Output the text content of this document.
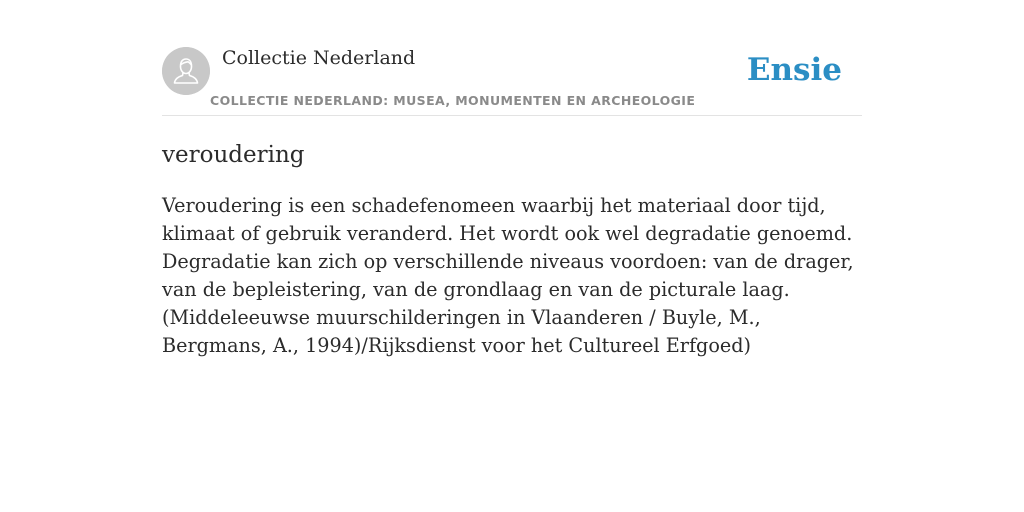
Collectie Nederland
COLLECTIE NEDERLAND: MUSEA, MONUMENTEN EN ARCHEOLOGIE
Ensie
veroudering

Veroudering is een schadefenomeen waarbij het materiaal door tijd, klimaat of gebruik veranderd. Het wordt ook wel degradatie genoemd. Degradatie kan zich op verschillende niveaus voordoen: van de drager, van de bepleistering, van de grondlaag en van de picturale laag. (Middeleeuwse muurschilderingen in Vlaanderen / Buyle, M., Bergmans, A., 1994)/Rijksdienst voor het Cultureel Erfgoed)
